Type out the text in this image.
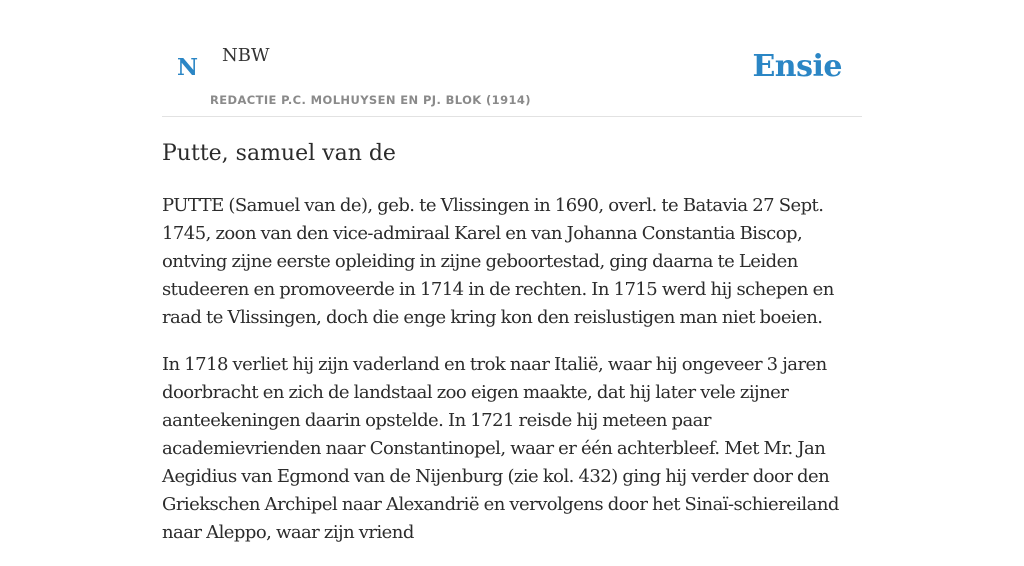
N NBW
REDACTIE P.C. MOLHUYSEN EN PJ. BLOK (1914)
Ensie
Putte, samuel van de

PUTTE (Samuel van de), geb. te Vlissingen in 1690, overl. te Batavia 27 Sept. 1745, zoon van den vice-admiraal Karel en van Johanna Constantia Biscop, ontving zijne eerste opleiding in zijne geboortestad, ging daarna te Leiden studeeren en promoveerde in 1714 in de rechten. In 1715 werd hij schepen en raad te Vlissingen, doch die enge kring kon den reislustigen man niet boeien.

In 1718 verliet hij zijn vaderland en trok naar Italië, waar hij ongeveer 3 jaren doorbracht en zich de landstaal zoo eigen maakte, dat hij later vele zijner aanteekeningen daarin opstelde. In 1721 reisde hij meteen paar academievrienden naar Constantinopel, waar er één achterbleef. Met Mr. Jan Aegidius van Egmond van de Nijenburg (zie kol. 432) ging hij verder door den Griekschen Archipel naar Alexandrië en vervolgens door het Sinaï-schiereiland naar Aleppo, waar zijn vriend
